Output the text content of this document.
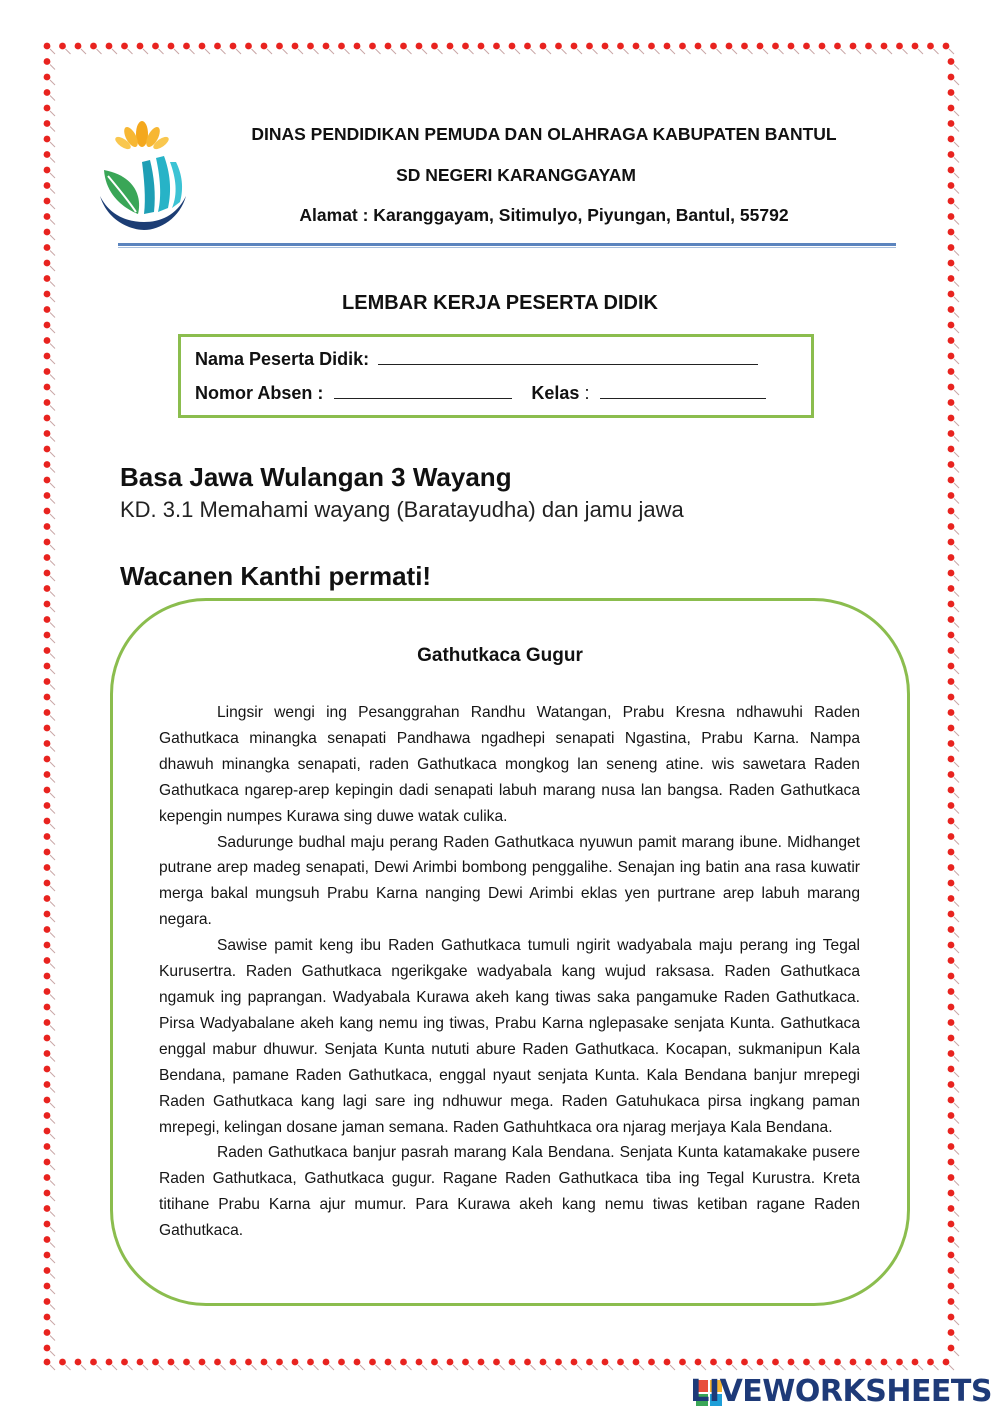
DINAS PENDIDIKAN PEMUDA DAN OLAHRAGA KABUPATEN BANTUL
SD NEGERI KARANGGAYAM
Alamat : Karanggayam, Sitimulyo, Piyungan, Bantul, 55792
LEMBAR KERJA PESERTA DIDIK
Nama Peserta Didik:
Nomor Absen :	Kelas :
Basa Jawa Wulangan 3 Wayang
KD. 3.1 Memahami wayang (Baratayudha) dan jamu jawa
Wacanen Kanthi permati!
Gathutkaca Gugur

Lingsir wengi ing Pesanggrahan Randhu Watangan, Prabu Kresna ndhawuhi Raden Gathutkaca minangka senapati Pandhawa ngadhepi senapati Ngastina, Prabu Karna. Nampa dhawuh minangka senapati, raden Gathutkaca mongkog lan seneng atine. wis sawetara Raden Gathutkaca ngarep-arep kepingin dadi senapati labuh marang nusa lan bangsa. Raden Gathutkaca kepengin numpes Kurawa sing duwe watak culika.

Sadurunge budhal maju perang Raden Gathutkaca nyuwun pamit marang ibune. Midhanget putrane arep madeg senapati, Dewi Arimbi bombong penggalihe. Senajan ing batin ana rasa kuwatir merga bakal mungsuh Prabu Karna nanging Dewi Arimbi eklas yen purtrane arep labuh marang negara.

Sawise pamit keng ibu Raden Gathutkaca tumuli ngirit wadyabala maju perang ing Tegal Kurusertra. Raden Gathutkaca ngerikgake wadyabala kang wujud raksasa. Raden Gathutkaca ngamuk ing paprangan. Wadyabala Kurawa akeh kang tiwas saka pangamuke Raden Gathutkaca. Pirsa Wadyabalane akeh kang nemu ing tiwas, Prabu Karna nglepasake senjata Kunta. Gathutkaca enggal mabur dhuwur. Senjata Kunta nututi abure Raden Gathutkaca. Kocapan, sukmanipun Kala Bendana, pamane Raden Gathutkaca, enggal nyaut senjata Kunta. Kala Bendana banjur mrepegi Raden Gathutkaca kang lagi sare ing ndhuwur mega. Raden Gatuhukaca pirsa ingkang paman mrepegi, kelingan dosane jaman semana. Raden Gathuhtkaca ora njarag merjaya Kala Bendana.

Raden Gathutkaca banjur pasrah marang Kala Bendana. Senjata Kunta katamakake pusere Raden Gathutkaca, Gathutkaca gugur. Ragane Raden Gathutkaca tiba ing Tegal Kurustra. Kreta titihane Prabu Karna ajur mumur. Para Kurawa akeh kang nemu tiwas ketiban ragane Raden Gathutkaca.

LIVEWORKSHEETS
